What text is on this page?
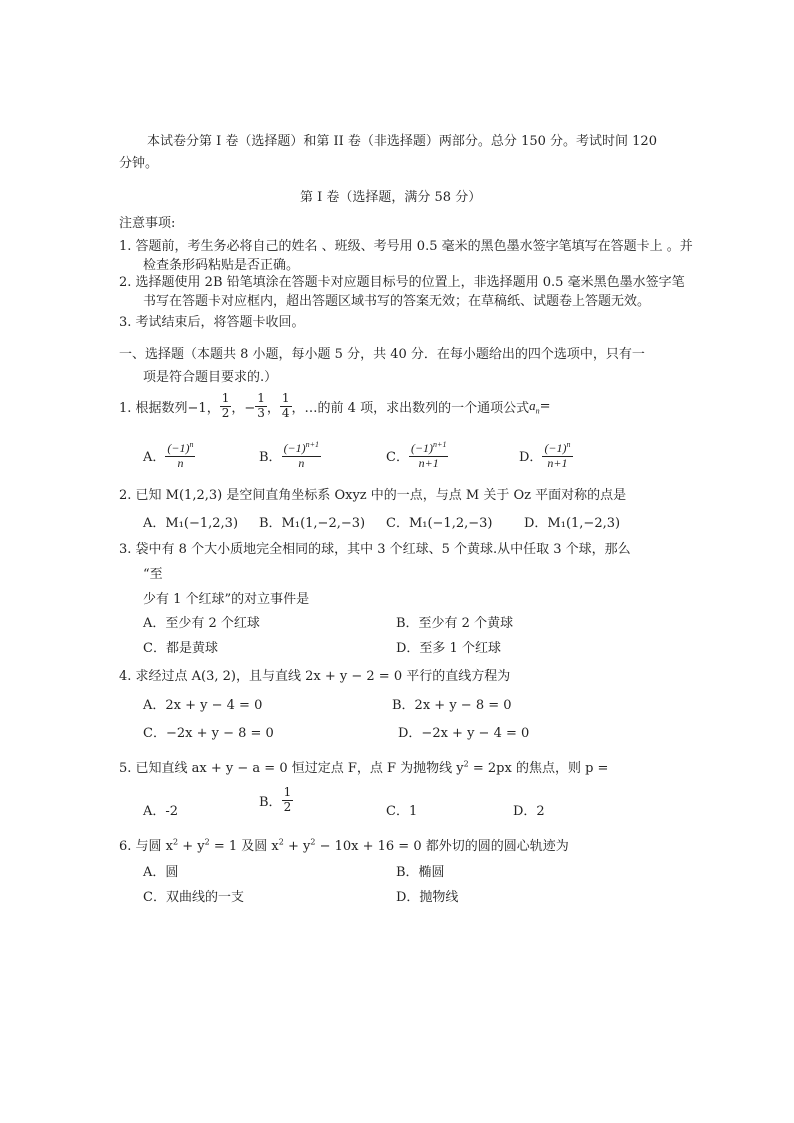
本试卷分第 I 卷（选择题）和第 II 卷（非选择题）两部分。总分 150 分。考试时间 120
分钟。
第 I 卷（选择题，满分 58 分）
注意事项:
1. 答题前，考生务必将自己的姓名 、班级、考号用 0.5 毫米的黑色墨水签字笔填写在答题卡上 。并
检查条形码粘贴是否正确。
2. 选择题使用 2B 铅笔填涂在答题卡对应题目标号的位置上，非选择题用 0.5 毫米黑色墨水签字笔
书写在答题卡对应框内，超出答题区域书写的答案无效；在草稿纸、试题卷上答题无效。
3. 考试结束后，将答题卡收回。
一、选择题（本题共 8 小题，每小题 5 分，共 40 分．在每小题给出的四个选项中，只有一
项是符合题目要求的.）
1. 根据数列−1， $\frac{1}{2}$ ，− $\frac{1}{3}$ ， $\frac{1}{4}$ ，…的前 4 项，求出数列的一个通项公式 $a_n$ =
A． $\frac{(-1)^n}{n}$	B． $\frac{(-1)^{n+1}}{n}$	C． $\frac{(-1)^{n+1}}{n+1}$	D． $\frac{(-1)^n}{n+1}$
2. 已知 M(1,2,3) 是空间直角坐标系 Oxyz 中的一点，与点 M 关于 Oz 平面对称的点是
A．M₁(−1,2,3) B．M₁(1,−2,−3) C．M₁(−1,2,−3) D．M₁(1,−2,3)
3. 袋中有 8 个大小质地完全相同的球，其中 3 个红球、5 个黄球.从中任取 3 个球，那么
“至
少有 1 个红球”的对立事件是
A．至少有 2 个红球	B．至少有 2 个黄球
C．都是黄球	D．至多 1 个红球
4. 求经过点 A(3, 2)，且与直线 2x + y − 2 = 0 平行的直线方程为
A．2x + y − 4 = 0	B．2x + y − 8 = 0
C．−2x + y − 8 = 0	D．−2x + y − 4 = 0
5. 已知直线 ax + y − a = 0 恒过定点 F，点 F 为抛物线 $y^2 = 2px$ 的焦点，则 p =
A．-2
B． $\frac{1}{2}$	C．1	D．2
6. 与圆 $x^2 + y^2 = 1$ 及圆 $x^2 + y^2 - 10x + 16 = 0$ 都外切的圆的圆心轨迹为
A．圆	B．椭圆
C．双曲线的一支	D．抛物线
